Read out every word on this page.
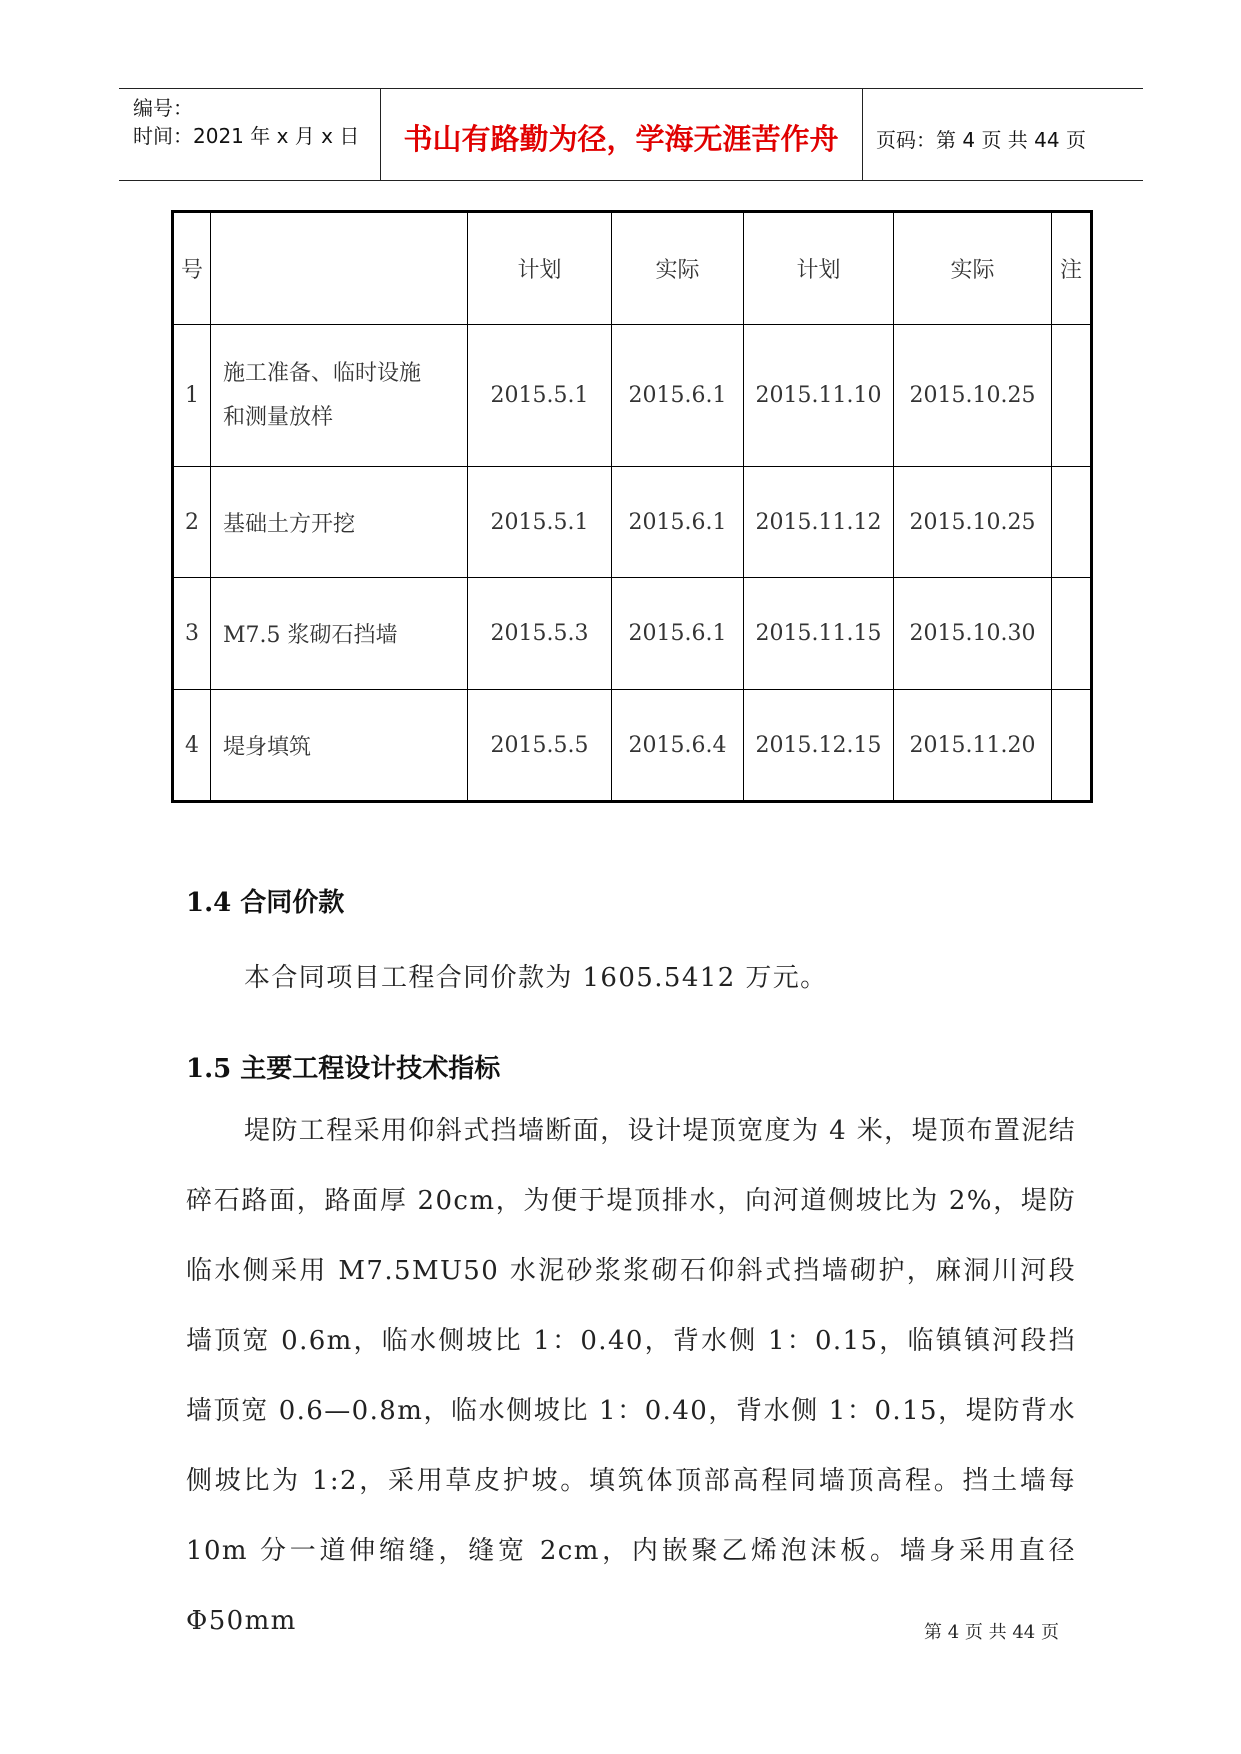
编号：
时间：2021 年 x 月 x 日	书山有路勤为径，学海无涯苦作舟	页码：第 4 页 共 44 页
号		计划	实际	计划	实际	注
1	施工准备、临时设施
和测量放样	2015.5.1	2015.6.1	2015.11.10	2015.10.25	
2	基础土方开挖	2015.5.1	2015.6.1	2015.11.12	2015.10.25	
3	M7.5 浆砌石挡墙	2015.5.3	2015.6.1	2015.11.15	2015.10.30	
4	堤身填筑	2015.5.5	2015.6.4	2015.12.15	2015.11.20	
1.4 合同价款
本合同项目工程合同价款为 1605.5412 万元。
1.5 主要工程设计技术指标
堤防工程采用仰斜式挡墙断面，设计堤顶宽度为 4 米，堤顶布置泥结碎石路面，路面厚 20cm，为便于堤顶排水，向河道侧坡比为 2%，堤防临水侧采用 M7.5MU50 水泥砂浆浆砌石仰斜式挡墙砌护，麻洞川河段墙顶宽 0.6m，临水侧坡比 1：0.40，背水侧 1：0.15，临镇镇河段挡墙顶宽 0.6—0.8m，临水侧坡比 1：0.40，背水侧 1：0.15，堤防背水侧坡比为 1:2，采用草皮护坡。填筑体顶部高程同墙顶高程。挡土墙每 10m 分一道伸缩缝，缝宽 2cm，内嵌聚乙烯泡沫板。墙身采用直径Φ50mm	第 4 页 共 44 页
